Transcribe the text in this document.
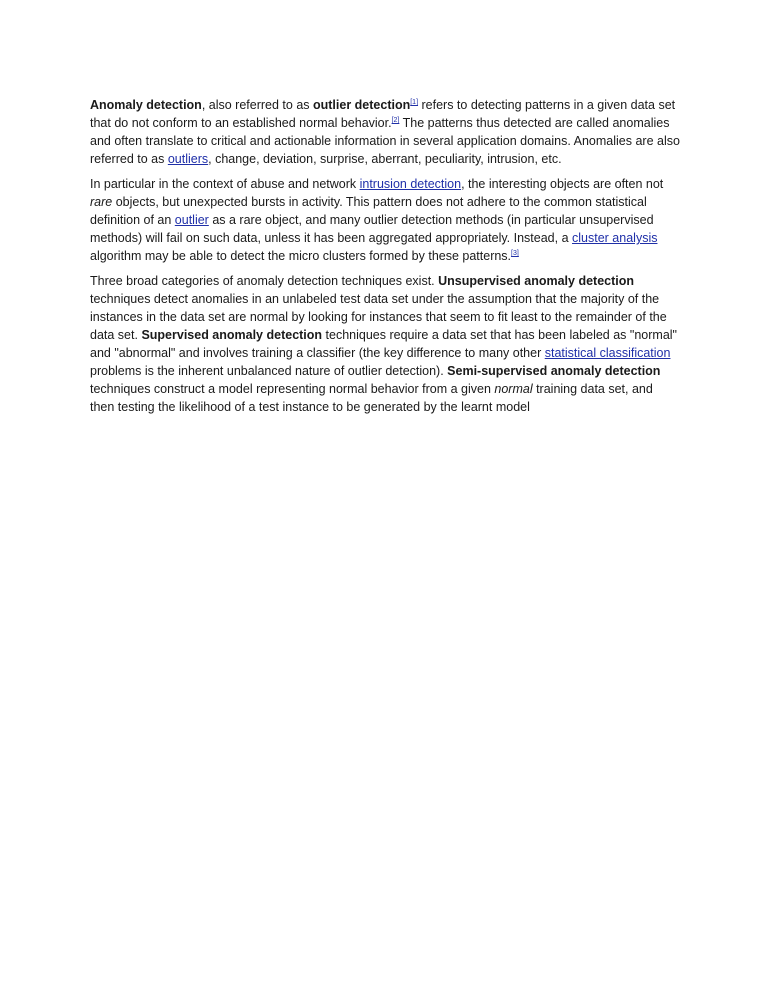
Anomaly detection, also referred to as outlier detection[1] refers to detecting patterns in a given data set that do not conform to an established normal behavior.[2] The patterns thus detected are called anomalies and often translate to critical and actionable information in several application domains. Anomalies are also referred to as outliers, change, deviation, surprise, aberrant, peculiarity, intrusion, etc.

In particular in the context of abuse and network intrusion detection, the interesting objects are often not rare objects, but unexpected bursts in activity. This pattern does not adhere to the common statistical definition of an outlier as a rare object, and many outlier detection methods (in particular unsupervised methods) will fail on such data, unless it has been aggregated appropriately. Instead, a cluster analysis algorithm may be able to detect the micro clusters formed by these patterns.[3]

Three broad categories of anomaly detection techniques exist. Unsupervised anomaly detection techniques detect anomalies in an unlabeled test data set under the assumption that the majority of the instances in the data set are normal by looking for instances that seem to fit least to the remainder of the data set. Supervised anomaly detection techniques require a data set that has been labeled as "normal" and "abnormal" and involves training a classifier (the key difference to many other statistical classification problems is the inherent unbalanced nature of outlier detection). Semi-supervised anomaly detection techniques construct a model representing normal behavior from a given normal training data set, and then testing the likelihood of a test instance to be generated by the learnt model
